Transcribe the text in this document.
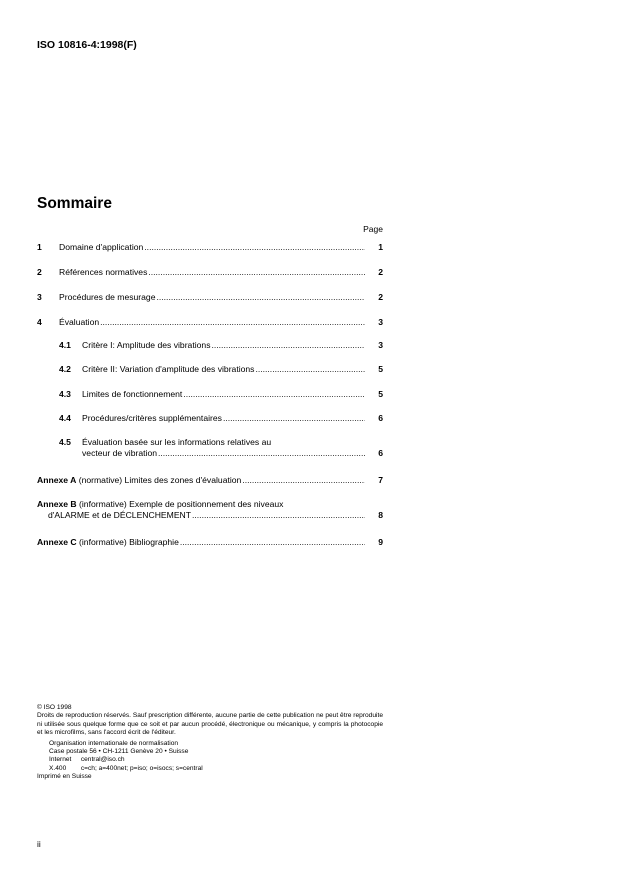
ISO 10816-4:1998(F)
Sommaire
Page
1	Domaine d'application .....	1
2	Références normatives .....	2
3	Procédures de mesurage .....	2
4	Évaluation .....	3
4.1	Critère I: Amplitude des vibrations .....	3
4.2	Critère II: Variation d'amplitude des vibrations .....	5
4.3	Limites de fonctionnement .....	5
4.4	Procédures/critères supplémentaires .....	6
4.5	Évaluation basée sur les informations relatives au
vecteur de vibration .....	6
Annexe A (normative) Limites des zones d'évaluation .....	7
Annexe B (informative) Exemple de positionnement des niveaux
d'ALARME et de DÉCLENCHEMENT .....	8
Annexe C (informative) Bibliographie .....	9
© ISO 1998
Droits de reproduction réservés. Sauf prescription différente, aucune partie de cette publication ne peut être reproduite ni utilisée sous quelque forme que ce soit et par aucun procédé, électronique ou mécanique, y compris la photocopie et les microfilms, sans l'accord écrit de l'éditeur.
Organisation internationale de normalisation
Case postale 56 • CH-1211 Genève 20 • Suisse
Internet central@iso.ch
X.400 c=ch; a=400net; p=iso; o=isocs; s=central
Imprimé en Suisse
ii
